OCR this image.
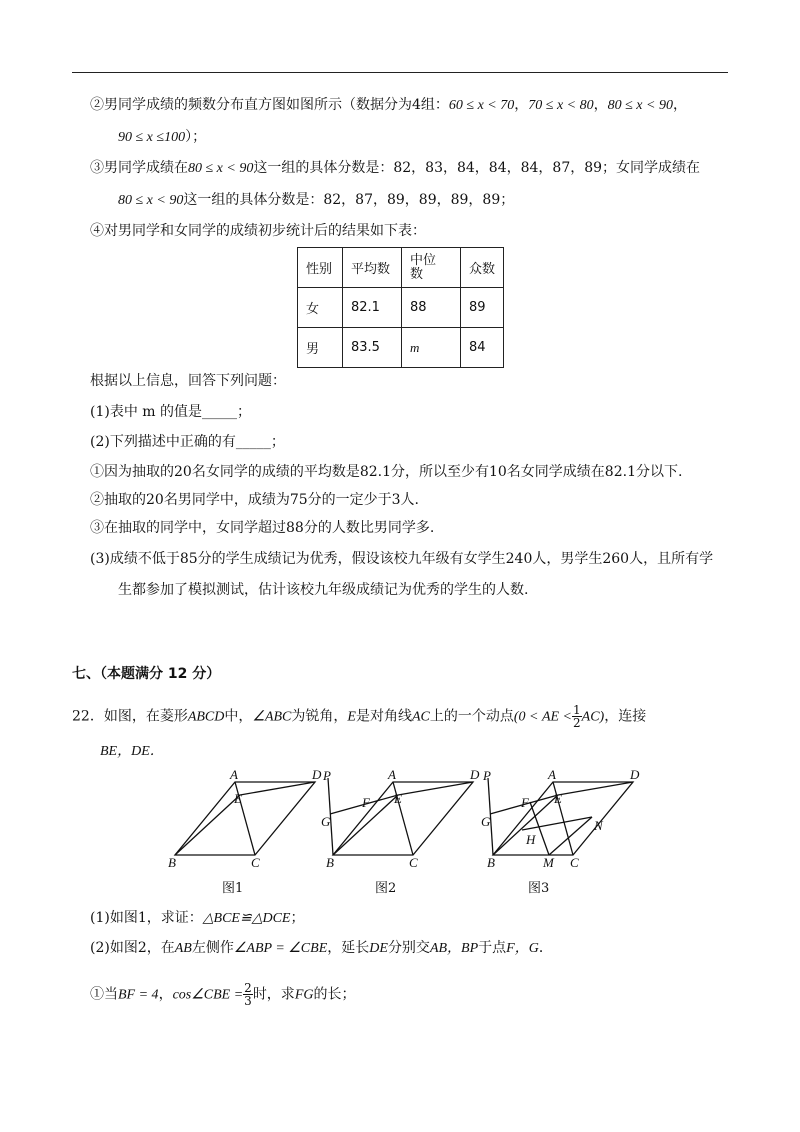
②男同学成绩的频数分布直方图如图所示（数据分为4组：60 ≤ x < 70，70 ≤ x < 80，80 ≤ x < 90，
90 ≤ x ≤100）；
③男同学成绩在80 ≤ x < 90这一组的具体分数是：82，83，84，84，84，87，89；女同学成绩在
80 ≤ x < 90这一组的具体分数是：82，87，89，89，89，89；
④对男同学和女同学的成绩初步统计后的结果如下表：
性别	平均数	中位
数	众数
女	82.1	88	89
男	83.5	m	84
根据以上信息，回答下列问题：
(1)表中 m 的值是_____；
(2)下列描述中正确的有_____；
①因为抽取的20名女同学的成绩的平均数是82.1分，所以至少有10名女同学成绩在82.1分以下.
②抽取的20名男同学中，成绩为75分的一定少于3人.
③在抽取的同学中，女同学超过88分的人数比男同学多.
(3)成绩不低于85分的学生成绩记为优秀，假设该校九年级有女学生240人，男学生260人，且所有学
生都参加了模拟测试，估计该校九年级成绩记为优秀的学生的人数.
七、（本题满分 12 分）
22．如图，在菱形ABCD中，∠ABC为锐角，E是对角线AC上的一个动点(0 < AE < $\frac{1}{2} AC$)，连接
BE，DE．
A	D
E
B	C
P	A	D
F E
G
B	C
P	A	D
F E
G
H
N
B	M C
图1	图2	图3
(1)如图1，求证：△BCE≌△DCE；
(2)如图2，在AB左侧作∠ABP = ∠CBE，延长DE分别交AB，BP于点F，G．
①当BF = 4，cos∠CBE = $\frac{2}{3}$ 时，求FG的长；
